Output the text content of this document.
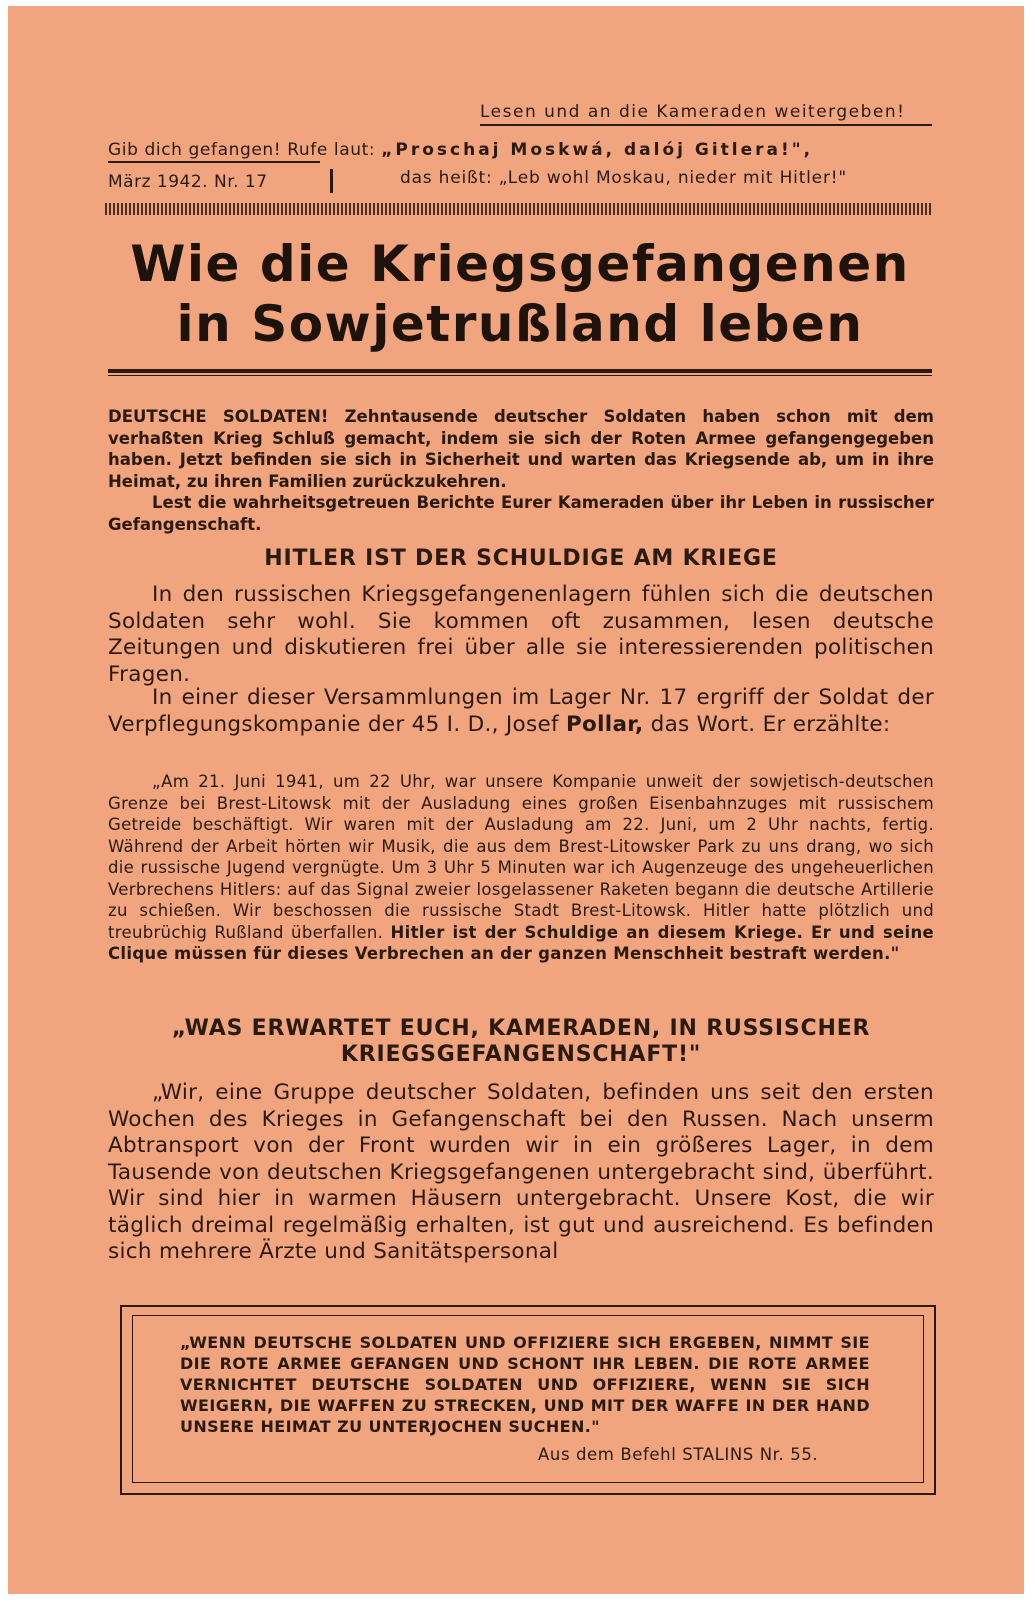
Lesen und an die Kameraden weitergeben!
Gib dich gefangen! Rufe laut: „Proschaj Moskwá, dalój Gitlera!",
März 1942. Nr. 17	das heißt: „Leb wohl Moskau, nieder mit Hitler!"
Wie die Kriegsgefangenen
in Sowjetrußland leben

DEUTSCHE SOLDATEN! Zehntausende deutscher Soldaten haben schon mit dem verhaßten Krieg Schluß gemacht, indem sie sich der Roten Armee gefangengegeben haben. Jetzt befinden sie sich in Sicherheit und warten das Kriegsende ab, um in ihre Heimat, zu ihren Familien zurückzukehren.
Lest die wahrheitsgetreuen Berichte Eurer Kameraden über ihr Leben in russischer Gefangenschaft.

HITLER IST DER SCHULDIGE AM KRIEGE

In den russischen Kriegsgefangenenlagern fühlen sich die deutschen Soldaten sehr wohl. Sie kommen oft zusammen, lesen deutsche Zeitungen und diskutieren frei über alle sie interessierenden politischen Fragen.

In einer dieser Versammlungen im Lager Nr. 17 ergriff der Soldat der Verpflegungskompanie der 45 I. D., Josef Pollar, das Wort. Er erzählte:

„Am 21. Juni 1941, um 22 Uhr, war unsere Kompanie unweit der sowjetisch-deutschen Grenze bei Brest-Litowsk mit der Ausladung eines großen Eisenbahnzuges mit russischem Getreide beschäftigt. Wir waren mit der Ausladung am 22. Juni, um 2 Uhr nachts, fertig. Während der Arbeit hörten wir Musik, die aus dem Brest-Litowsker Park zu uns drang, wo sich die russische Jugend vergnügte. Um 3 Uhr 5 Minuten war ich Augenzeuge des ungeheuerlichen Verbrechens Hitlers: auf das Signal zweier losgelassener Raketen begann die deutsche Artillerie zu schießen. Wir beschossen die russische Stadt Brest-Litowsk. Hitler hatte plötzlich und treubrüchig Rußland überfallen. Hitler ist der Schuldige an diesem Kriege. Er und seine Clique müssen für dieses Verbrechen an der ganzen Menschheit bestraft werden."

„WAS ERWARTET EUCH, KAMERADEN, IN RUSSISCHER
KRIEGSGEFANGENSCHAFT!"

„Wir, eine Gruppe deutscher Soldaten, befinden uns seit den ersten Wochen des Krieges in Gefangenschaft bei den Russen. Nach unserm Abtransport von der Front wurden wir in ein größeres Lager, in dem Tausende von deutschen Kriegsgefangenen untergebracht sind, überführt. Wir sind hier in warmen Häusern untergebracht. Unsere Kost, die wir täglich dreimal regelmäßig erhalten, ist gut und ausreichend. Es befinden sich mehrere Ärzte und Sanitätspersonal

„WENN DEUTSCHE SOLDATEN UND OFFIZIERE SICH ERGEBEN, NIMMT SIE DIE ROTE ARMEE GEFANGEN UND SCHONT IHR LEBEN. DIE ROTE ARMEE VERNICHTET DEUTSCHE SOLDATEN UND OFFIZIERE, WENN SIE SICH WEIGERN, DIE WAFFEN ZU STRECKEN, UND MIT DER WAFFE IN DER HAND UNSERE HEIMAT ZU UNTERJOCHEN SUCHEN."

Aus dem Befehl STALINS Nr. 55.
